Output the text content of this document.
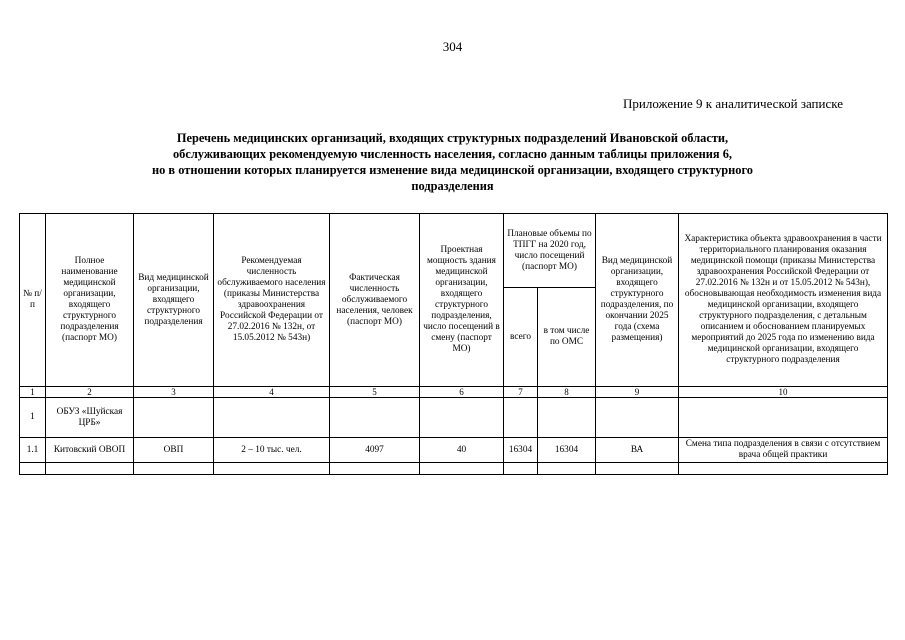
304
Приложение 9 к аналитической записке
Перечень медицинских организаций, входящих структурных подразделений Ивановской области,
обслуживающих рекомендуемую численность населения, согласно данным таблицы приложения 6,
но в отношении которых планируется изменение вида медицинской организации, входящего структурного
подразделения
№ п/п	Полное наименование медицинской организации, входящего структурного подразделения (паспорт МО)	Вид медицинской организации, входящего структурного подразделения	Рекомендуемая численность обслуживаемого населения (приказы Министерства здравоохранения Российской Федерации от 27.02.2016 № 132н, от 15.05.2012 № 543н)	Фактическая численность обслуживаемого населения, человек (паспорт МО)	Проектная мощность здания медицинской организации, входящего структурного подразделения, число посещений в смену (паспорт МО)	Плановые объемы по ТПГГ на 2020 год, число посещений (паспорт МО)		Вид медицинской организации, входящего структурного подразделения, по окончании 2025 года (схема размещения)	Характеристика объекта здравоохранения в части территориального планирования оказания медицинской помощи (приказы Министерства здравоохранения Российской Федерации от 27.02.2016 № 132н и от 15.05.2012 № 543н), обосновывающая необходимость изменения вида медицинской организации, входящего структурного подразделения, с детальным описанием и обоснованием планируемых мероприятий до 2025 года по изменению вида медицинской организации, входящего структурного подразделения
						всего	в том числе по ОМС		
1	2	3	4	5	6	7	8	9	10
1	ОБУЗ «Шуйская ЦРБ»								
1.1	Китовский ОВОП	ОВП	2 – 10 тыс. чел.	4097	40	16304	16304	ВА	Смена типа подразделения в связи с отсутствием врача общей практики
